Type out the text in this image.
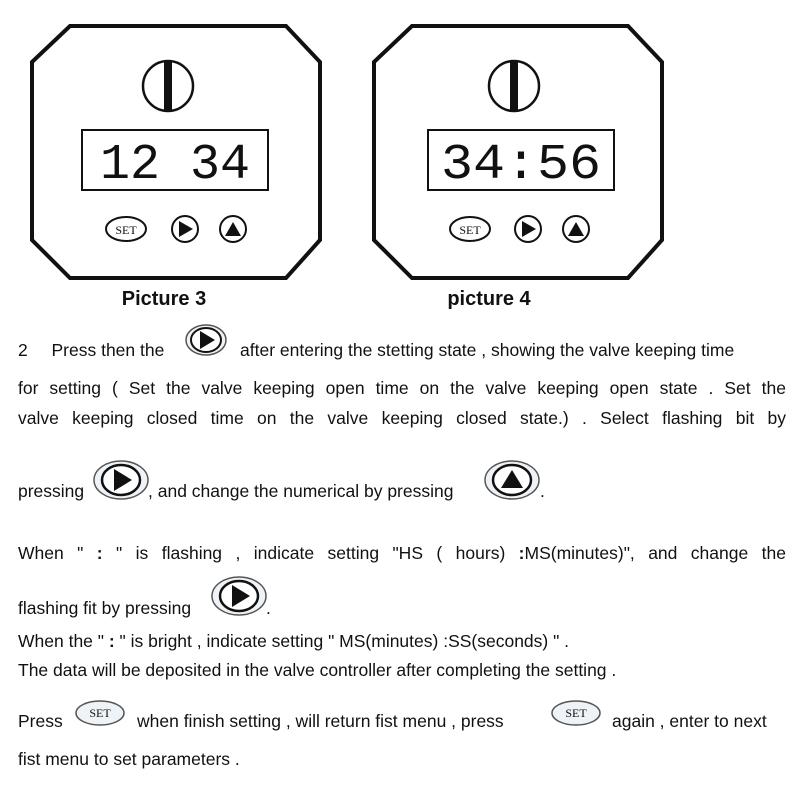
12 34
SET
Picture 3
34:56
SET
picture 4
2 Press then the	after entering the stetting state , showing the valve keeping time
for setting ( Set the valve keeping open time on the valve keeping open state . Set the
valve keeping closed time on the valve keeping closed state.) . Select flashing bit by
pressing	, and change the numerical by pressing	.
When " : " is flashing , indicate setting "HS ( hours) :MS(minutes)", and change the
flashing fit by pressing	.
When the " : " is bright , indicate setting " MS(minutes) :SS(seconds) " .
The data will be deposited in the valve controller after completing the setting .
Press SET when finish setting , will return fist menu , press	SET again , enter to next
fist menu to set parameters .
